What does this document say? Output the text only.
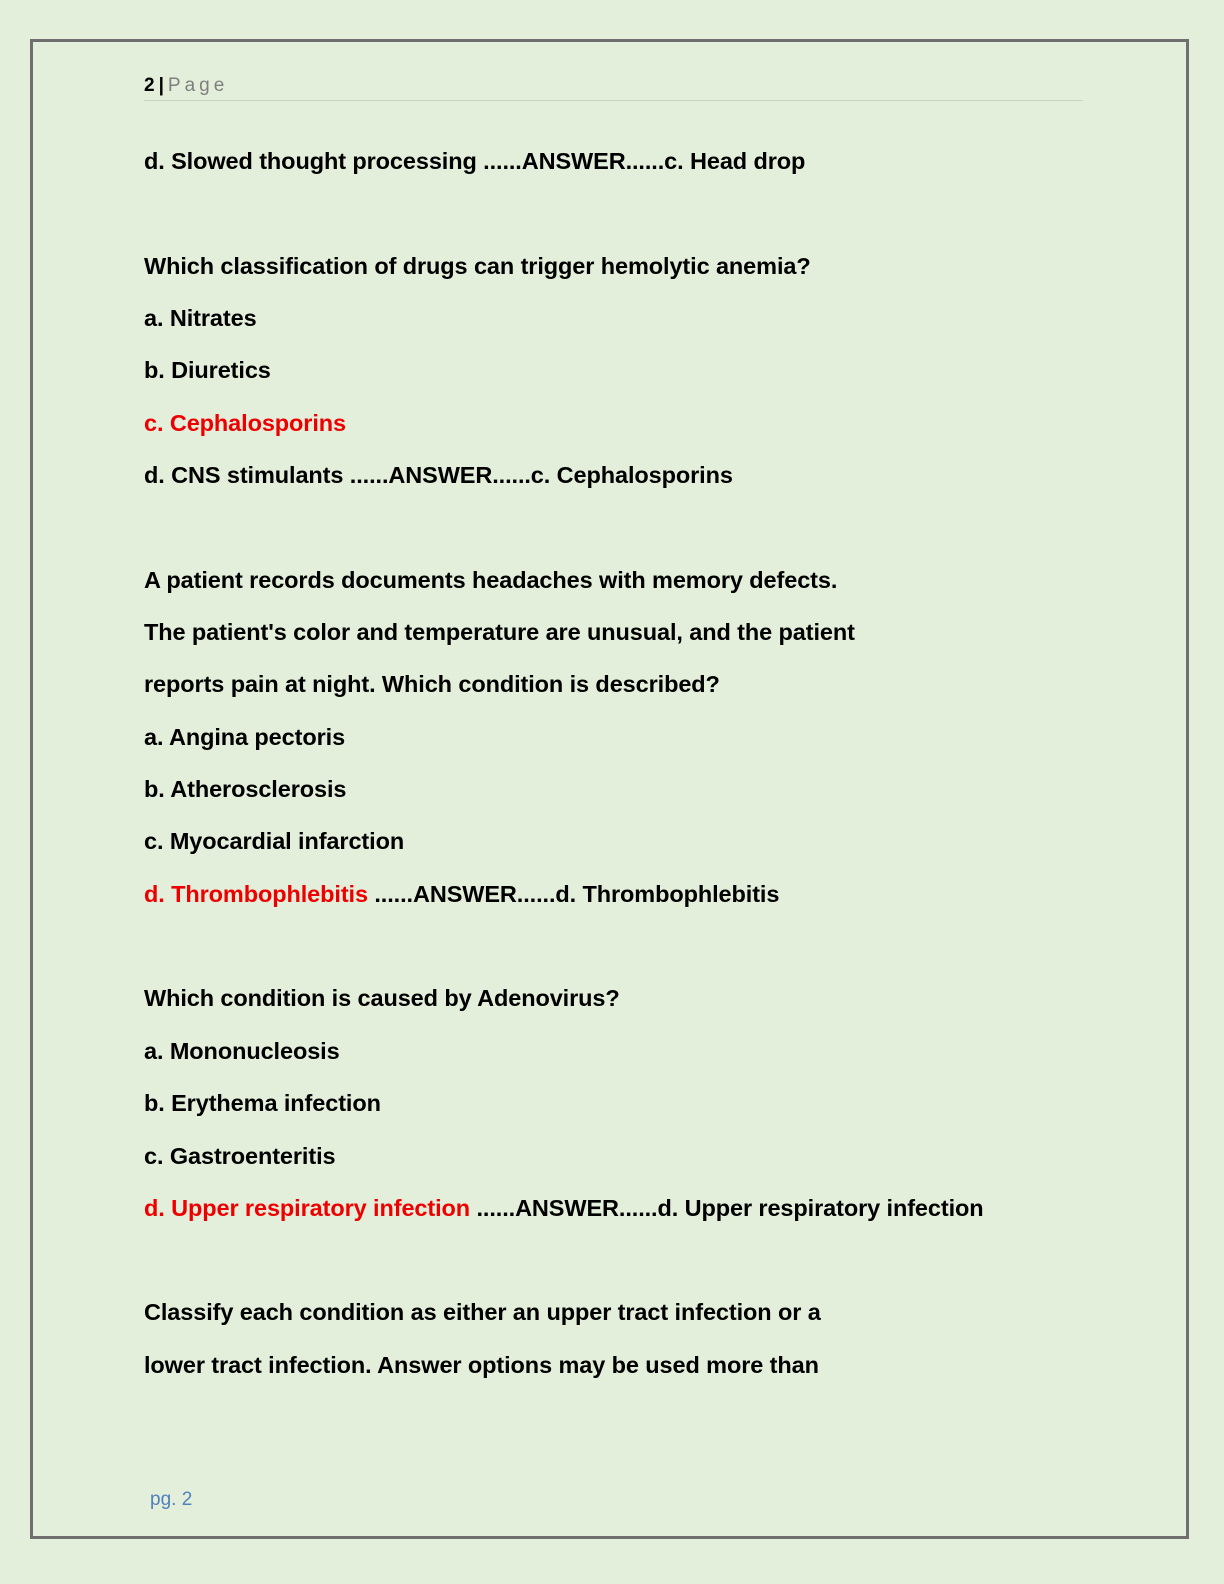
2 | Page
d. Slowed thought processing ......ANSWER......c. Head drop
Which classification of drugs can trigger hemolytic anemia?
a. Nitrates
b. Diuretics
c. Cephalosporins
d. CNS stimulants ......ANSWER......c. Cephalosporins
A patient records documents headaches with memory defects.
The patient's color and temperature are unusual, and the patient
reports pain at night. Which condition is described?
a. Angina pectoris
b. Atherosclerosis
c. Myocardial infarction
d. Thrombophlebitis ......ANSWER......d. Thrombophlebitis
Which condition is caused by Adenovirus?
a. Mononucleosis
b. Erythema infection
c. Gastroenteritis
d. Upper respiratory infection ......ANSWER......d. Upper respiratory infection
Classify each condition as either an upper tract infection or a
lower tract infection. Answer options may be used more than
pg. 2
